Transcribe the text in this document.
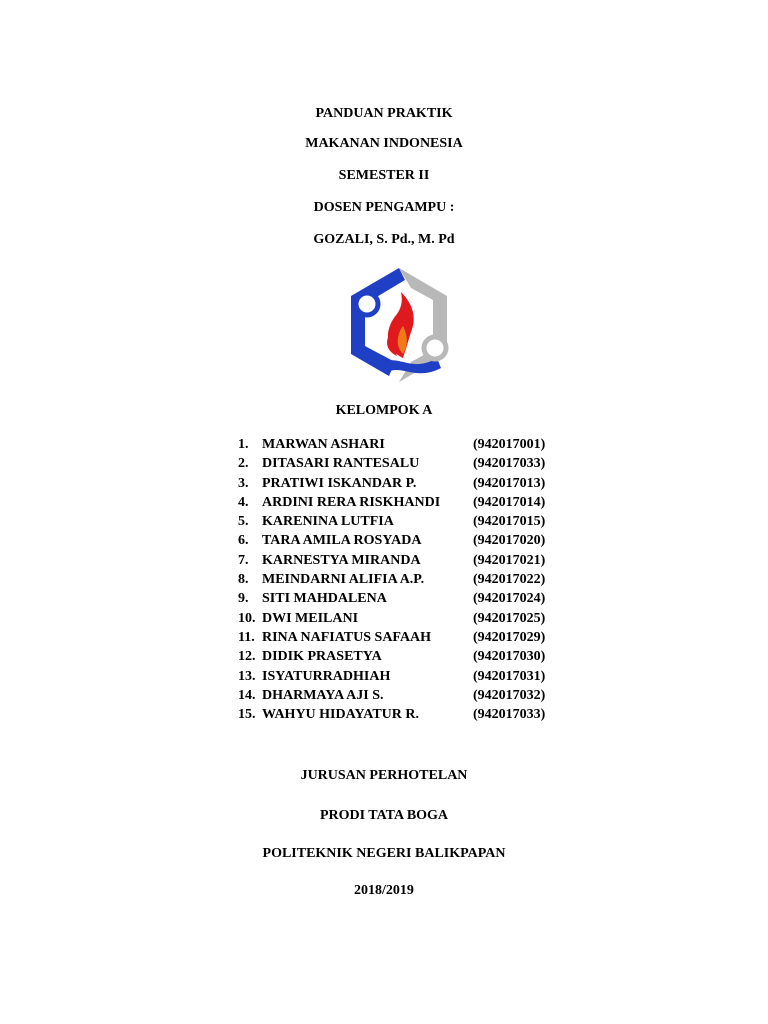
PANDUAN PRAKTIK
MAKANAN INDONESIA
SEMESTER II
DOSEN PENGAMPU :
GOZALI, S. Pd., M. Pd
KELOMPOK A
1. MARWAN ASHARI	(942017001)
2. DITASARI RANTESALU	(942017033)
3. PRATIWI ISKANDAR P.	(942017013)
4. ARDINI RERA RISKHANDI (942017014)
5. KARENINA LUTFIA	(942017015)
6. TARA AMILA ROSYADA	(942017020)
7. KARNESTYA MIRANDA	(942017021)
8. MEINDARNI ALIFIA A.P.	(942017022)
9. SITI MAHDALENA	(942017024)
10. DWI MEILANI	(942017025)
11. RINA NAFIATUS SAFAAH	(942017029)
12. DIDIK PRASETYA	(942017030)
13. ISYATURRADHIAH	(942017031)
14. DHARMAYA AJI S.	(942017032)
15. WAHYU HIDAYATUR R.	(942017033)
JURUSAN PERHOTELAN
PRODI TATA BOGA
POLITEKNIK NEGERI BALIKPAPAN
2018/2019
